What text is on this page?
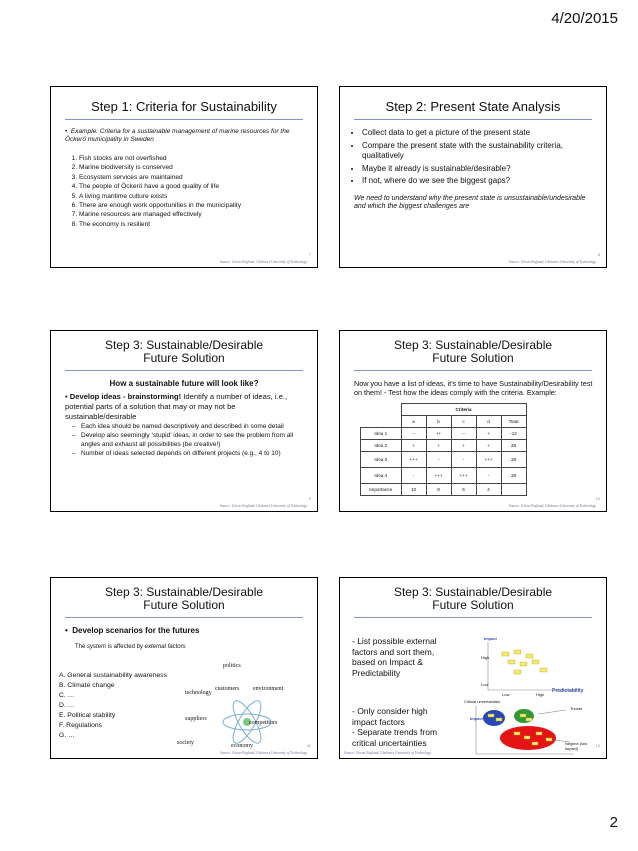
4/20/2015
Step 1: Criteria for Sustainability
•  Example: Criteria for a sustainable management of marine resources for the Öckerö municipality in Sweden
1. Fish stocks are not overfished
2. Marine biodiversity is conserved
3. Ecosystem services are maintained
4. The people of Öckerö have a good quality of life
5. A living maritime culture exists
6. There are enough work opportunities in the municipality
7. Marine resources are managed effectively
8. The economy is resilient
7
Source: Göran Englund, Chalmers University of Technology
Step 2: Present State Analysis
• Collect data to get a picture of the present state
• Compare the present state with the sustainability criteria, qualitatively
• Maybe it already is sustainable/desirable?
• If not, where do we see the biggest gaps?
We need to understand why the present state is unsustainable/undesirable and which the biggest challenges are
8
Source: Göran Englund, Chalmers University of Technology
Step 3: Sustainable/Desirable
Future Solution
How a sustainable future will look like?
• Develop ideas - brainstorming! Identify a number of ideas, i.e., potential parts of a solution that may or may not be sustainable/desirable
– Each idea should be named descriptively and described in some detail
– Develop also seemingly ‘stupid’ ideas, in order to see the problem from all angles and exhaust all possibilities (be creative!)
– Number of ideas selected depends on different projects (e.g., 4 to 10)
9
Source: Göran Englund, Chalmers University of Technology
Step 3: Sustainable/Desirable
Future Solution
Now you have a list of ideas, it’s time to have Sustainability/Desirability test on them! - Test how the ideas comply with the criteria. Example:
	Criteria				
	a	b	c	d	Total
Idea 1	--	++	--	+	-12
Idea 2	+	+	+	+	28
Idea 3	+++	-	-	+++	28
Idea 4	-	+++	+++	-	28
Importance	10	8	6	4	
10
Source: Göran Englund, Chalmers University of Technology
Step 3: Sustainable/Desirable
Future Solution
•  Develop scenarios for the futures
The system is affected by external factors
A. General sustainability awareness
B. Climate change
C. …
D. …
E. Political stability
F. Regulations
G. …
politics
technology
customers environment
suppliers
competitors
society	economy	11
Source: Göran Englund, Chalmers University of Technology
Step 3: Sustainable/Desirable
Future Solution
- List possible external
factors and sort them,
based on Impact &
Predictability
- Only consider high
impact factors
- Separate trends from
critical uncertainties
Impact
High
Low
Low	High
Predictability
Critical uncertainties
Trends
Neglect (low impact)
Impact
12
Source: Göran Englund, Chalmers University of Technology
2
